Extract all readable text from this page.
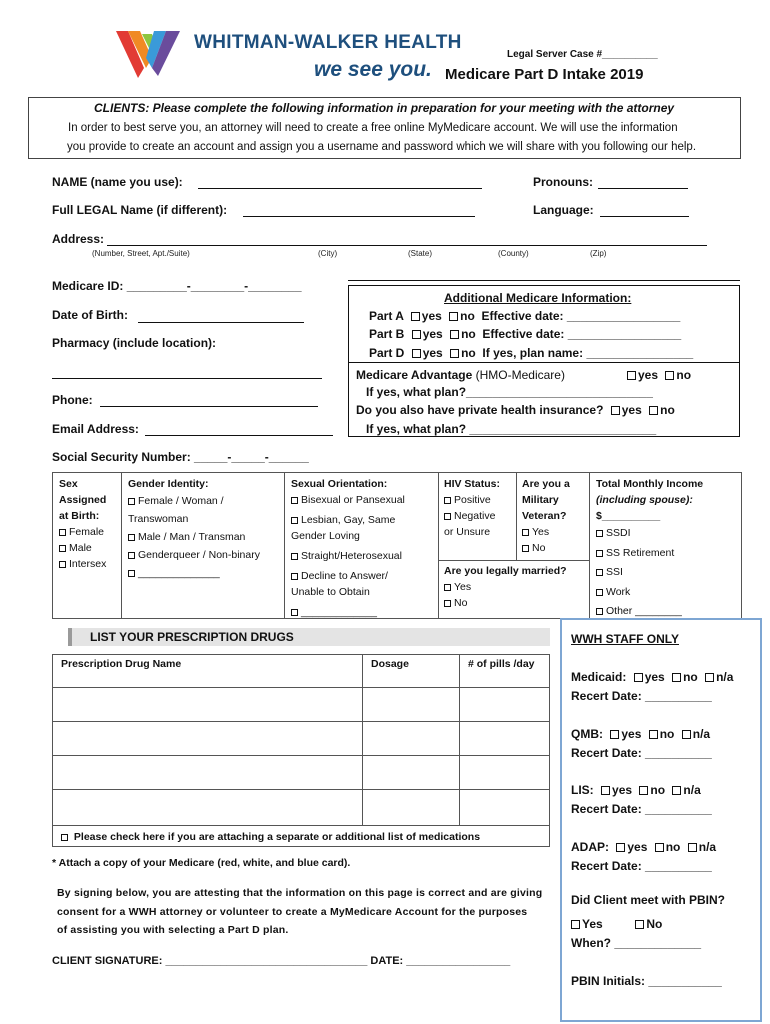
WHITMAN-WALKER HEALTH
we see you.
Legal Server Case #__________
Medicare Part D Intake 2019
CLIENTS: Please complete the following information in preparation for your meeting with the attorney
In order to best serve you, an attorney will need to create a free online MyMedicare account. We will use the information
you provide to create an account and assign you a username and password which we will share with you following our help.
NAME (name you use):	Pronouns:
Full LEGAL Name (if different):	Language:
Address:
(Number, Street, Apt./Suite)	(City)	(State)	(County)	(Zip)
Medicare ID: _________-________-________
Date of Birth:
Pharmacy (include location):
Phone:
Email Address:
Social Security Number: _____-_____-______
Additional Medicare Information:
Part A yes no Effective date: _________________
Part B yes no Effective date: _________________
Part D yes no If yes, plan name: ________________
Medicare Advantage (HMO-Medicare)	yes no
If yes, what plan?____________________________
Do you also have private health insurance? yes no
If yes, what plan? ____________________________
Sex
Assigned
at Birth:
Female
Male
Intersex
Gender Identity:
Female / Woman /
Transwoman
Male / Man / Transman
Genderqueer / Non-binary
______________
Sexual Orientation:
Bisexual or Pansexual
Lesbian, Gay, Same
Gender Loving
Straight/Heterosexual
Decline to Answer/
Unable to Obtain
_____________
HIV Status:
Positive
Negative
or Unsure
Are you a
Military
Veteran?
Yes
No
Are you legally married?
Yes
No
Total Monthly Income
(including spouse):
$__________
SSDI
SS Retirement
SSI
Work
Other ________
LIST YOUR PRESCRIPTION DRUGS
Prescription Drug Name	Dosage	# of pills /day
Please check here if you are attaching a separate or additional list of medications
* Attach a copy of your Medicare (red, white, and blue card).
By signing below, you are attesting that the information on this page is correct and are giving
consent for a WWH attorney or volunteer to create a MyMedicare Account for the purposes
of assisting you with selecting a Part D plan.
CLIENT SIGNATURE: _________________________________ DATE: _________________
WWH STAFF ONLY
Medicaid: yes no n/a
Recert Date: __________
QMB: yes no n/a
Recert Date: __________
LIS: yes no n/a
Recert Date: __________
ADAP: yes no n/a
Recert Date: __________
Did Client meet with PBIN?
Yes	No
When? _____________
PBIN Initials: ___________
